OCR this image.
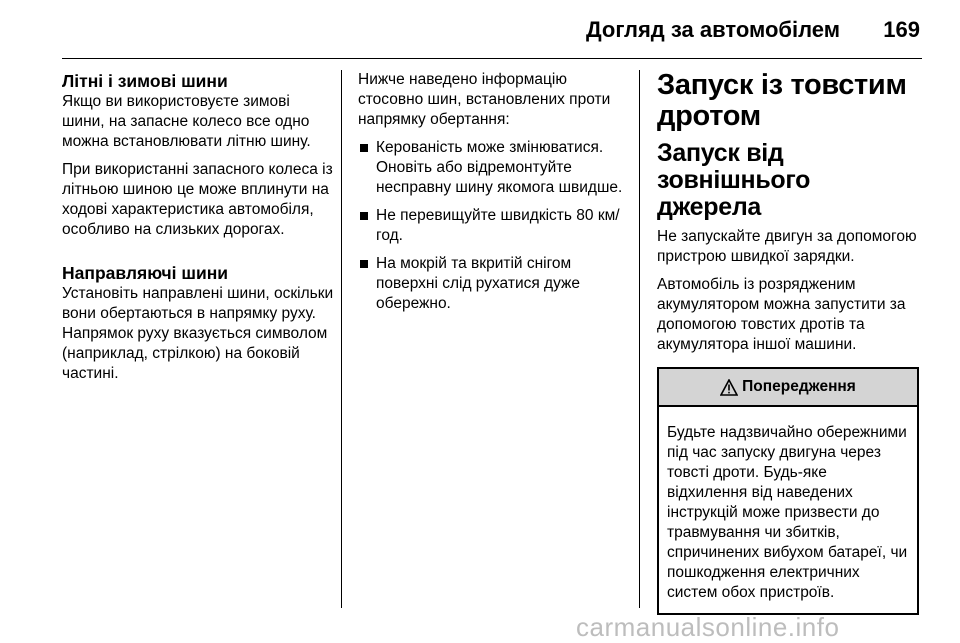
Догляд за автомобілем 169
Літні і зимові шини

Якщо ви використовуєте зимові шини, на запасне колесо все одно можна встановлювати літню шину.

При використанні запасного колеса із літньою шиною це може вплинути на ходові характеристика автомобіля, особливо на слизьких дорогах.

Направляючі шини

Установіть направлені шини, оскільки вони обертаються в напрямку руху. Напрямок руху вказується символом (наприклад, стрілкою) на боковій частині.

Нижче наведено інформацію стосовно шин, встановлених проти напрямку обертання:

Керованість може змінюватися. Оновіть або відремонтуйте несправну шину якомога швидше.
Не перевищуйте швидкість 80 км/год.
На мокрій та вкритій снігом поверхні слід рухатися дуже обережно.
Запуск із товстим дротом
Запуск від зовнішнього джерела

Не запускайте двигун за допомогою пристрою швидкої зарядки.

Автомобіль із розрядженим акумулятором можна запустити за допомогою товстих дротів та акумулятора іншої машини.

Попередження
Будьте надзвичайно обережними під час запуску двигуна через товсті дроти. Будь-яке відхилення від наведених інструкцій може призвести до травмування чи збитків, спричинених вибухом батареї, чи пошкодження електричних систем обох пристроїв.
carmanualsonline.info
